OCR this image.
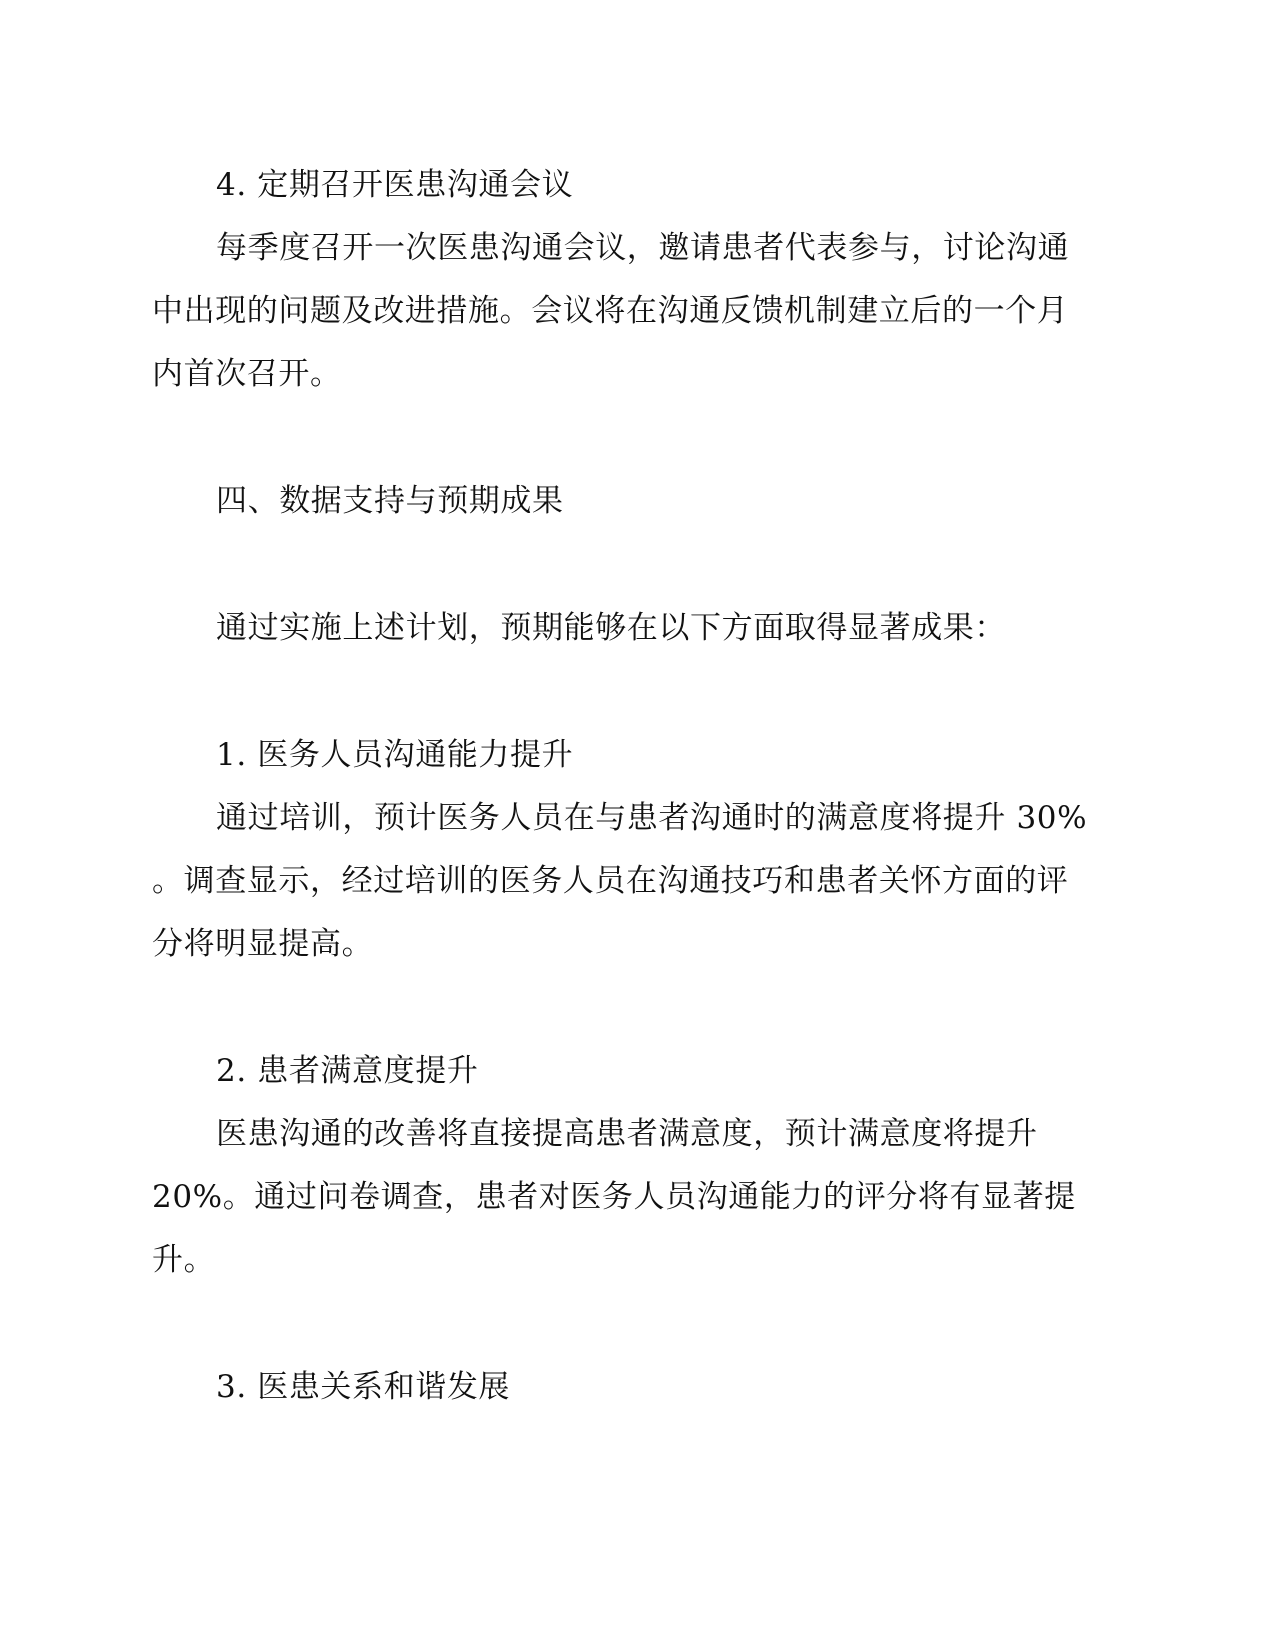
4. 定期召开医患沟通会议
每季度召开一次医患沟通会议，邀请患者代表参与，讨论沟通
中出现的问题及改进措施。会议将在沟通反馈机制建立后的一个月
内首次召开。
四、数据支持与预期成果
通过实施上述计划，预期能够在以下方面取得显著成果：
1. 医务人员沟通能力提升
通过培训，预计医务人员在与患者沟通时的满意度将提升 30%
。调查显示，经过培训的医务人员在沟通技巧和患者关怀方面的评
分将明显提高。
2. 患者满意度提升
医患沟通的改善将直接提高患者满意度，预计满意度将提升
20%。通过问卷调查，患者对医务人员沟通能力的评分将有显著提
升。
3. 医患关系和谐发展
